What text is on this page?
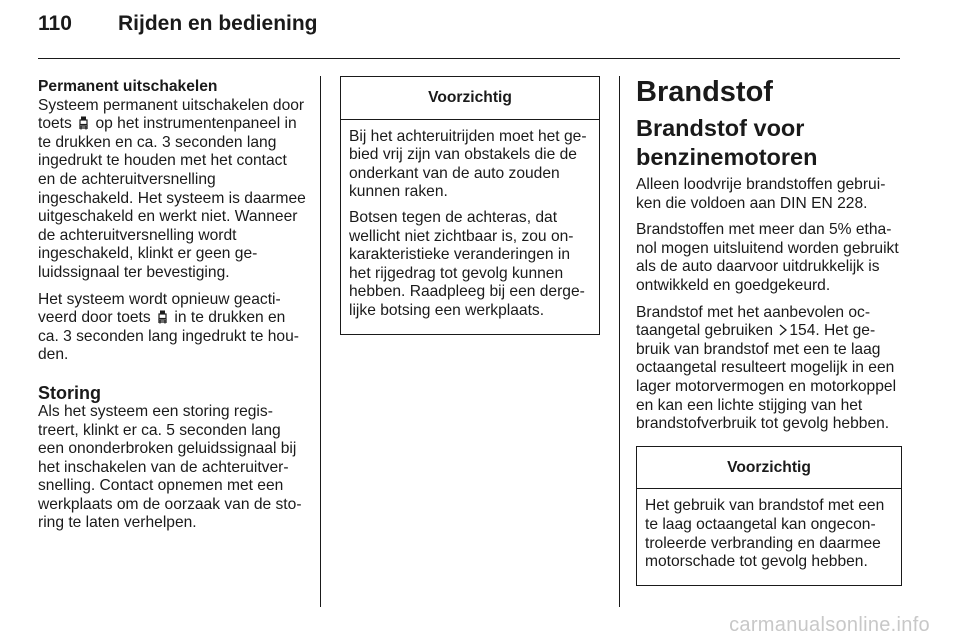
110 Rijden en bediening
Permanent uitschakelen

Systeem permanent uitschakelen door toets op het instrumentenpaneel in te drukken en ca. 3 seconden lang ingedrukt te houden met het contact en de achteruitversnelling ingeschakeld. Het systeem is daarmee uitgeschakeld en werkt niet. Wanneer de achteruitversnelling wordt ingeschakeld, klinkt er geen geluidssignaal ter bevestiging.

Het systeem wordt opnieuw geactiveerd door toets in te drukken en ca. 3 seconden lang ingedrukt te houden.

Storing

Als het systeem een storing registreert, klinkt er ca. 5 seconden lang een ononderbroken geluidssignaal bij het inschakelen van de achteruitversnelling. Contact opnemen met een werkplaats om de oorzaak van de storing te laten verhelpen.

Voorzichtig

Bij het achteruitrijden moet het gebied vrij zijn van obstakels die de onderkant van de auto zouden kunnen raken.

Botsen tegen de achteras, dat wellicht niet zichtbaar is, zou onkarakteristieke veranderingen in het rijgedrag tot gevolg kunnen hebben. Raadpleeg bij een dergelijke botsing een werkplaats.

Brandstof
Brandstof voor benzinemotoren

Alleen loodvrije brandstoffen gebruiken die voldoen aan DIN EN 228.

Brandstoffen met meer dan 5% ethanol mogen uitsluitend worden gebruikt als de auto daarvoor uitdrukkelijk is ontwikkeld en goedgekeurd.

Brandstof met het aanbevolen octaangetal gebruiken 154. Het gebruik van brandstof met een te laag octaangetal resulteert mogelijk in een lager motorvermogen en motorkoppel en kan een lichte stijging van het brandstofverbruik tot gevolg hebben.

Voorzichtig

Het gebruik van brandstof met een te laag octaangetal kan ongecontroleerde verbranding en daarmee motorschade tot gevolg hebben.

carmanualsonline.info
